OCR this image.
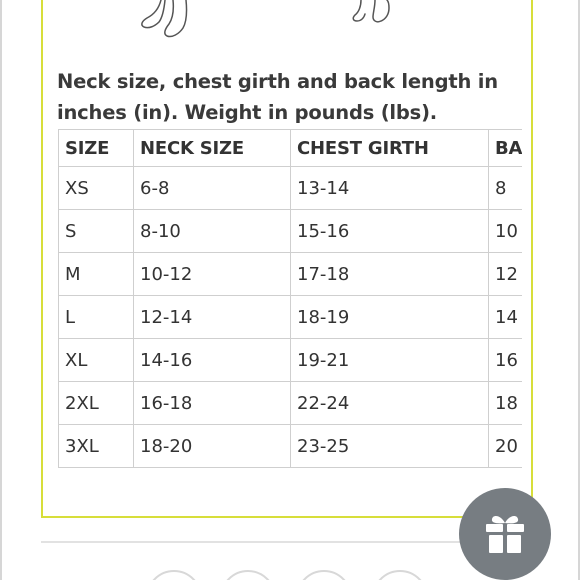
Neck size, chest girth and back length in
inches (in). Weight in pounds (lbs).

SIZE	NECK SIZE	CHEST GIRTH	BA
XS	6-8	13-14	8
S	8-10	15-16	10
M	10-12	17-18	12
L	12-14	18-19	14
XL	14-16	19-21	16
2XL	16-18	22-24	18
3XL	18-20	23-25	20
